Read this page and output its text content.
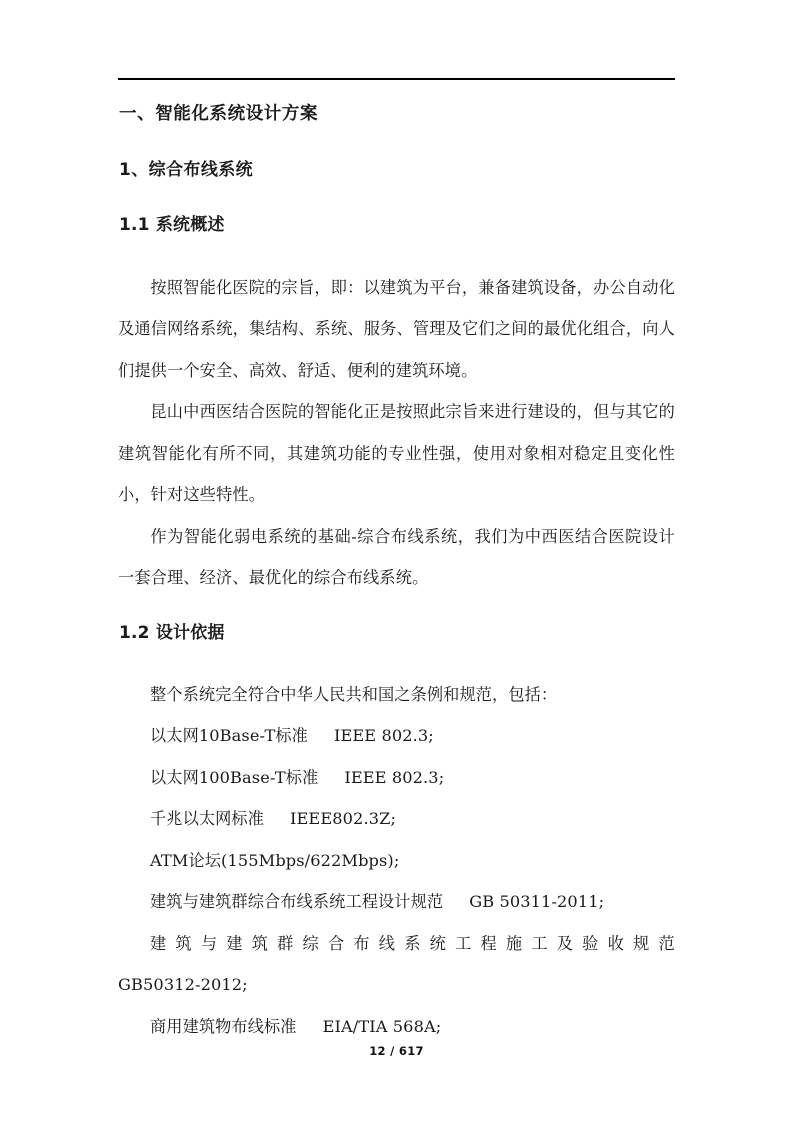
一、智能化系统设计方案
1、综合布线系统
1.1 系统概述

按照智能化医院的宗旨，即：以建筑为平台，兼备建筑设备，办公自动化及通信网络系统，集结构、系统、服务、管理及它们之间的最优化组合，向人们提供一个安全、高效、舒适、便利的建筑环境。

昆山中西医结合医院的智能化正是按照此宗旨来进行建设的，但与其它的建筑智能化有所不同，其建筑功能的专业性强，使用对象相对稳定且变化性小，针对这些特性。

作为智能化弱电系统的基础-综合布线系统，我们为中西医结合医院设计一套合理、经济、最优化的综合布线系统。

1.2 设计依据
整个系统完全符合中华人民共和国之条例和规范，包括：
以太网10Base-T标准 IEEE 802.3;
以太网100Base-T标准 IEEE 802.3;
千兆以太网标准 IEEE802.3Z;
ATM论坛(155Mbps/622Mbps);
建筑与建筑群综合布线系统工程设计规范 GB 50311-2011;
建 筑 与 建 筑 群 综 合 布 线 系 统 工 程 施 工 及 验 收 规 范
GB50312-2012;
商用建筑物布线标准 EIA/TIA 568A;
12 / 617
